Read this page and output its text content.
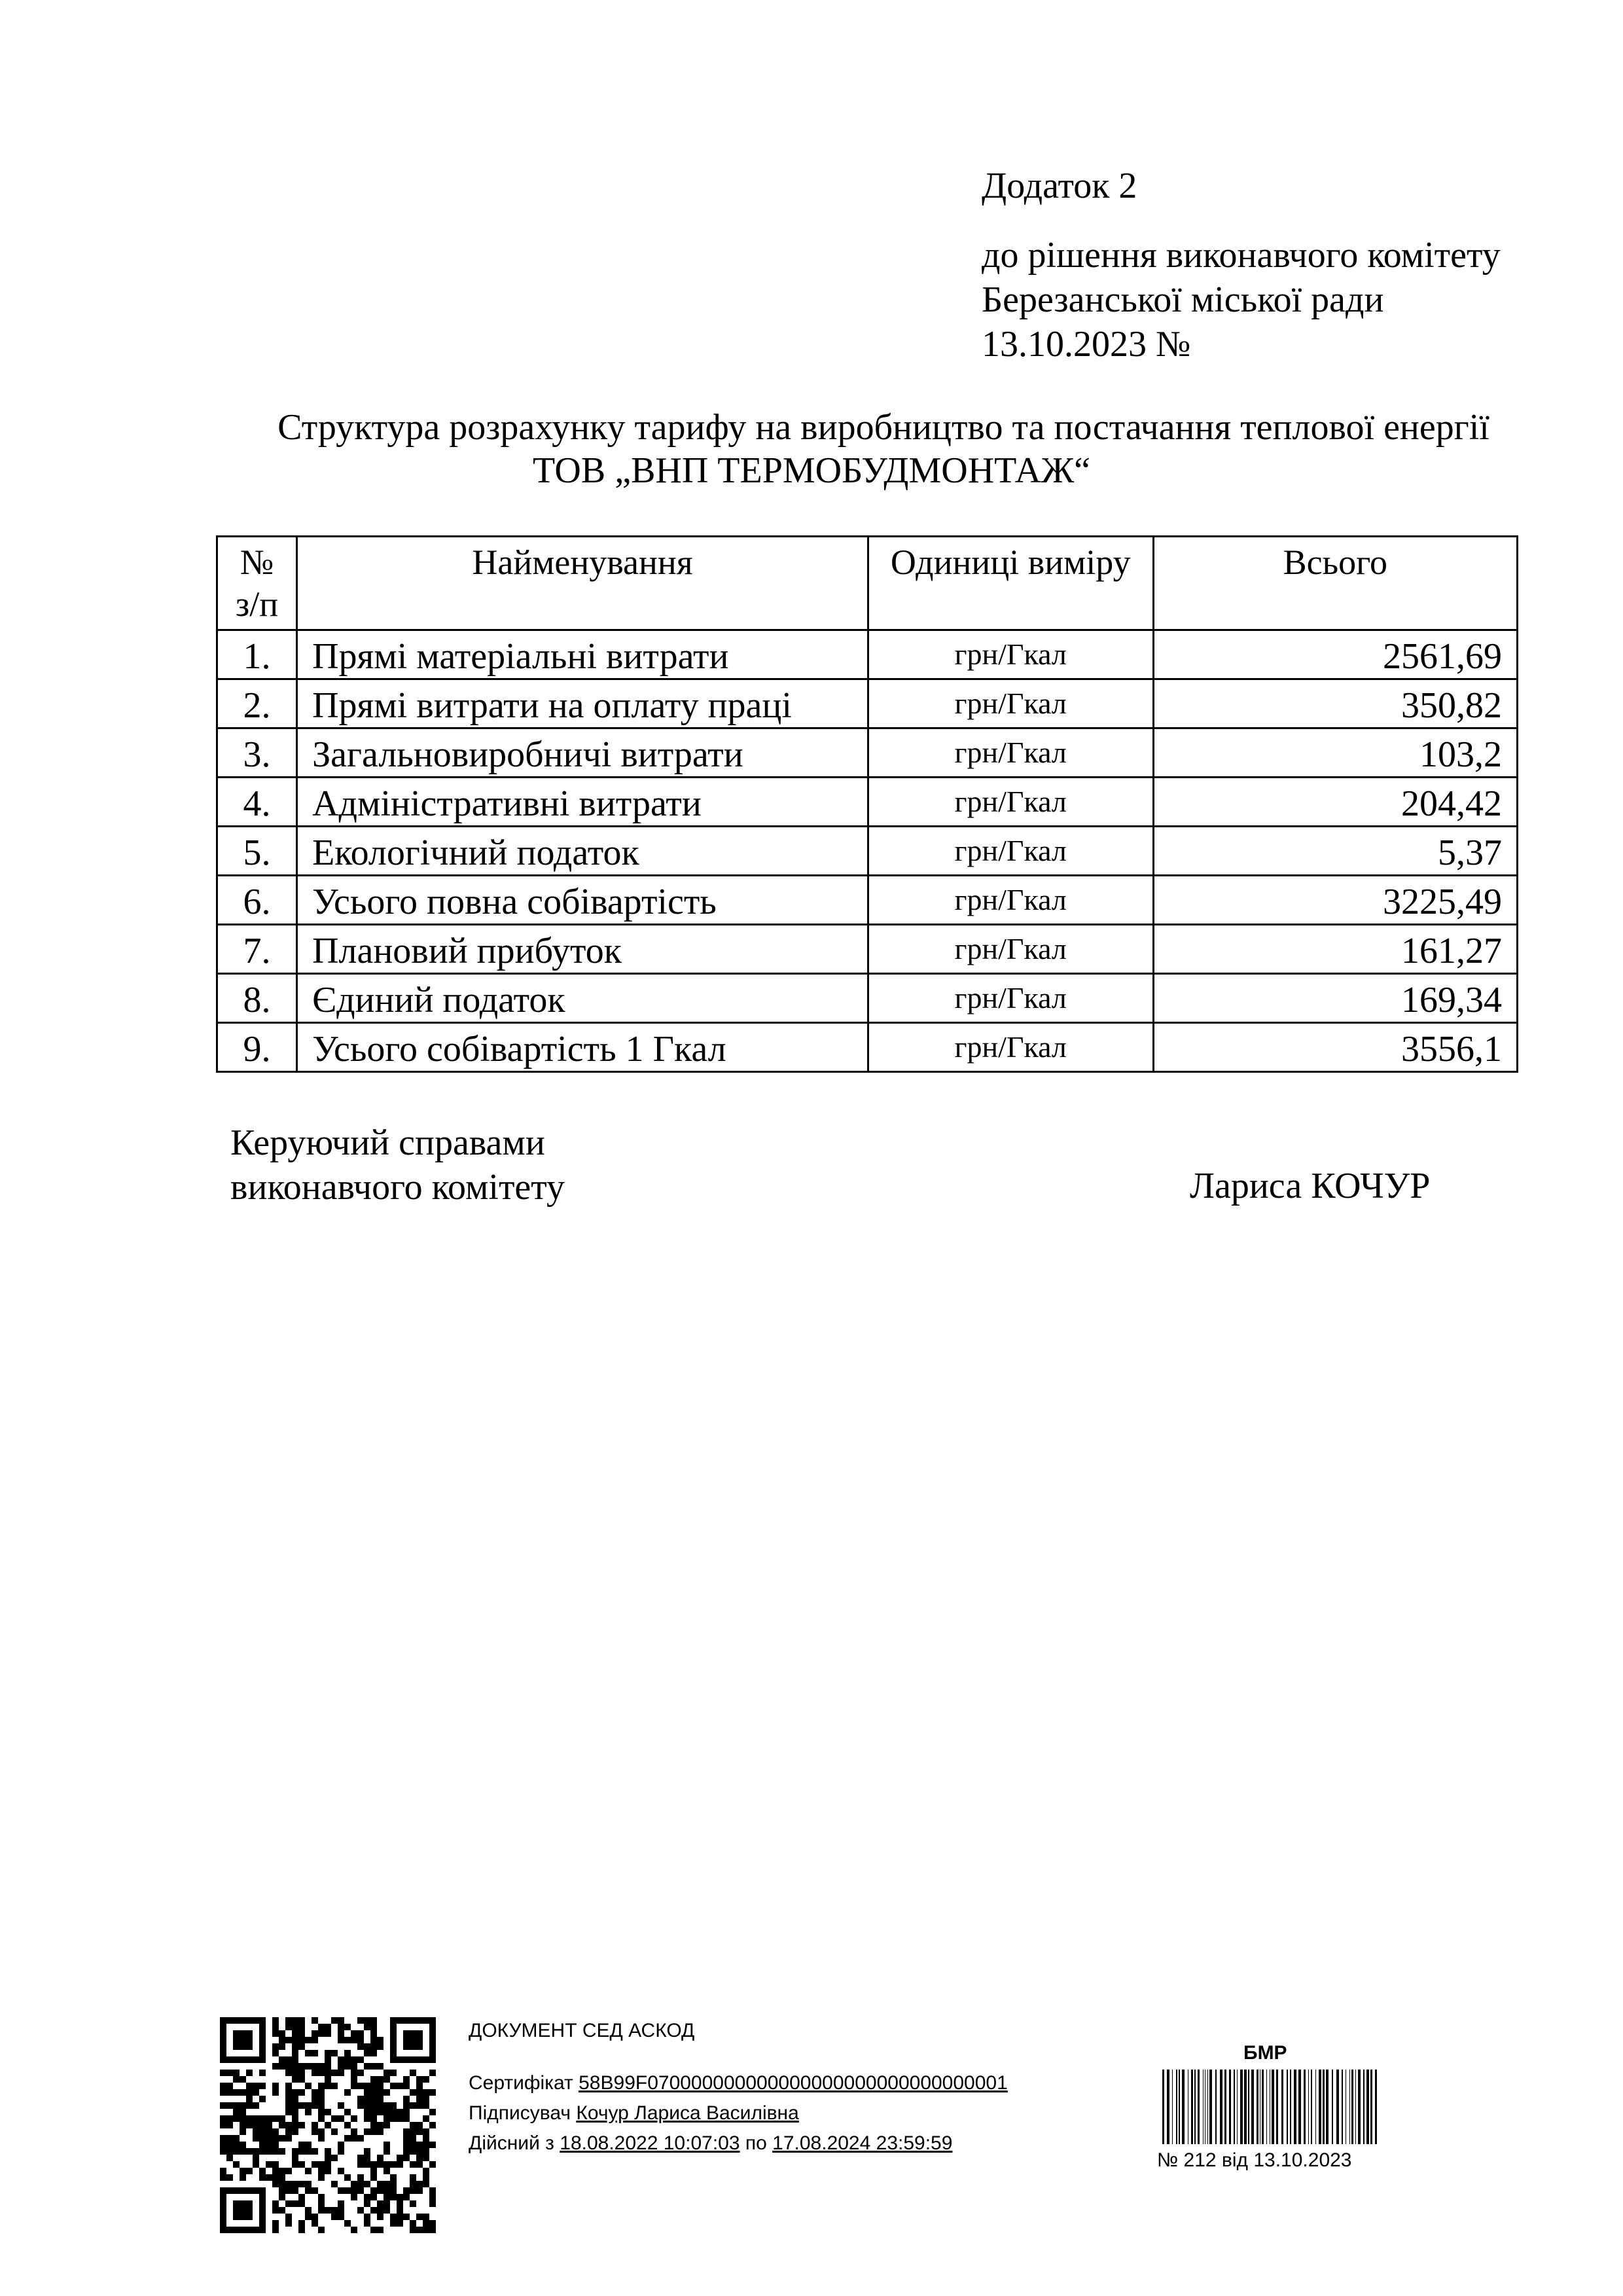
Додаток 2
до рішення виконавчого комітету
Березанської міської ради
13.10.2023 №
Структура розрахунку тарифу на виробництво та постачання теплової енергії
ТОВ „ВНП ТЕРМОБУДМОНТАЖ“
№ з/п	Найменування	Одиниці виміру	Всього
1.	Прямі матеріальні витрати	грн/Гкал	2561,69
2.	Прямі витрати на оплату праці	грн/Гкал	350,82
3.	Загальновиробничі витрати	грн/Гкал	103,2
4.	Адміністративні витрати	грн/Гкал	204,42
5.	Екологічний податок	грн/Гкал	5,37
6.	Усього повна собівартість	грн/Гкал	3225,49
7.	Плановий прибуток	грн/Гкал	161,27
8.	Єдиний податок	грн/Гкал	169,34
9.	Усього собівартість 1 Гкал	грн/Гкал	3556,1
Керуючий справами
виконавчого комітету	Лариса КОЧУР
ДОКУМЕНТ СЕД АСКОД
Сертифікат 58B99F070000000000000000000000000000001
Підписувач Кочур Лариса Василівна
Дійсний з 18.08.2022 10:07:03 по 17.08.2024 23:59:59
БМР
№ 212 від 13.10.2023
